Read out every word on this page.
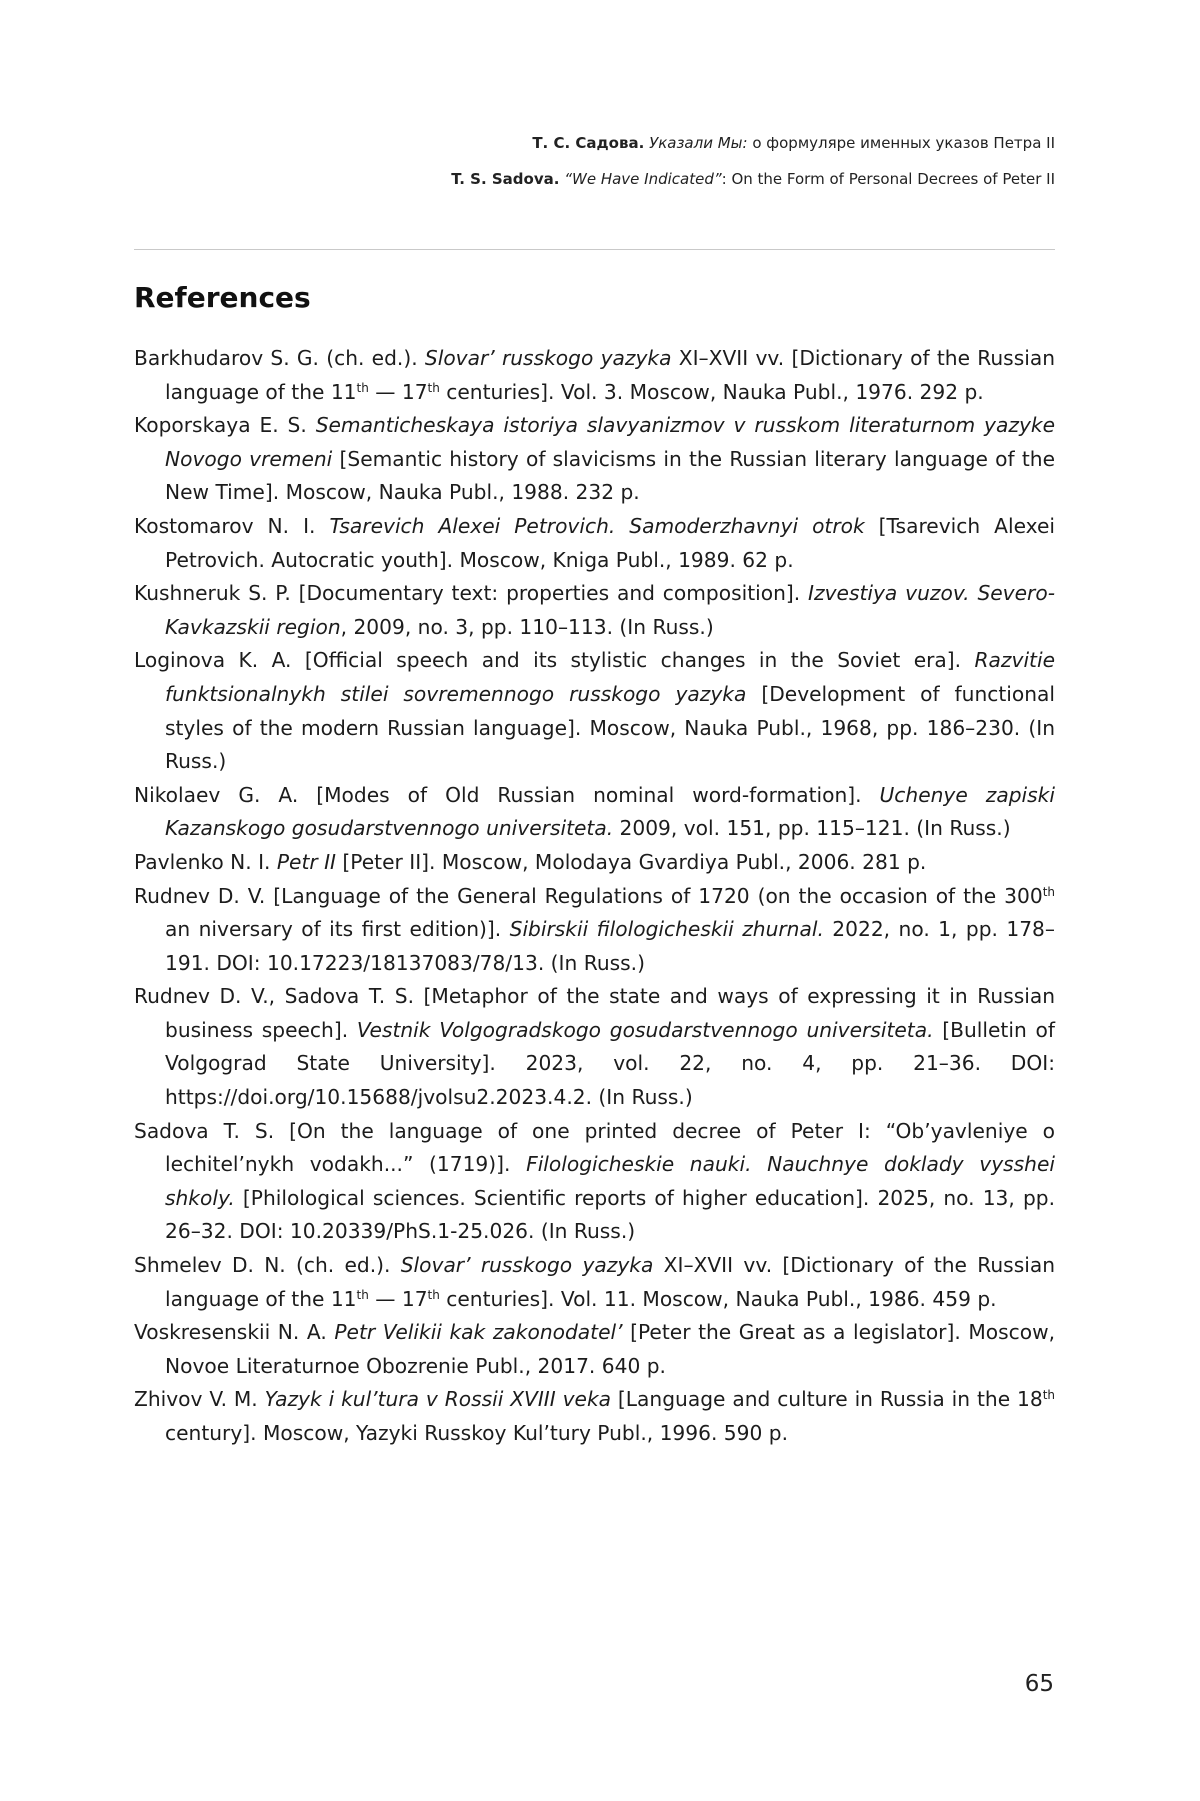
Т. С. Садова. Указали Мы: о формуляре именных указов Петра II
T. S. Sadova. “We Have Indicated”: On the Form of Personal Decrees of Peter II
References

Barkhudarov S. G. (ch. ed.). Slovar’ russkogo yazyka XI–XVII vv. [Dictionary of the Russian language of the 11th — 17th centuries]. Vol. 3. Moscow, Nauka Publ., 1976. 292 p.

Koporskaya E. S. Semanticheskaya istoriya slavyanizmov v russkom literaturnom yazyke Novogo vremeni [Semantic history of slavicisms in the Russian literary language of the New Time]. Moscow, Nauka Publ., 1988. 232 p.

Kostomarov N. I. Tsarevich Alexei Petrovich. Samoderzhavnyi otrok [Tsarevich Alexei Petrovich. Autocratic youth]. Moscow, Kniga Publ., 1989. 62 p.

Kushneruk S. P. [Documentary text: properties and composition]. Izvestiya vuzov. Severo-Kavkazskii region, 2009, no. 3, pp. 110–113. (In Russ.)

Loginova K. A. [Official speech and its stylistic changes in the Soviet era]. Razvitie funktsionalnykh stilei sovremennogo russkogo yazyka [Development of functional styles of the modern Russian language]. Moscow, Nauka Publ., 1968, pp. 186–230. (In Russ.)

Nikolaev G. A. [Modes of Old Russian nominal word-formation]. Uchenye zapiski Kazanskogo gosudarstvennogo universiteta. 2009, vol. 151, pp. 115–121. (In Russ.)

Pavlenko N. I. Petr II [Peter II]. Moscow, Molodaya Gvardiya Publ., 2006. 281 p.

Rudnev D. V. [Language of the General Regulations of 1720 (on the occasion of the 300th an niversary of its first edition)]. Sibirskii filologicheskii zhurnal. 2022, no. 1, pp. 178–191. DOI: 10.17223/18137083/78/13. (In Russ.)

Rudnev D. V., Sadova T. S. [Metaphor of the state and ways of expressing it in Russian business speech]. Vestnik Volgogradskogo gosudarstvennogo universiteta. [Bulletin of Volgograd State University]. 2023, vol. 22, no. 4, pp. 21–36. DOI: https://doi.org/10.15688/jvolsu2.2023.4.2. (In Russ.)

Sadova T. S. [On the language of one printed decree of Peter I: “Ob’yavleniye o lechitel’nykh vodakh...” (1719)]. Filologicheskie nauki. Nauchnye doklady vysshei shkoly. [Philological sciences. Scientific reports of higher education]. 2025, no. 13, pp. 26–32. DOI: 10.20339/PhS.1-25.026. (In Russ.)

Shmelev D. N. (ch. ed.). Slovar’ russkogo yazyka XI–XVII vv. [Dictionary of the Russian language of the 11th — 17th centuries]. Vol. 11. Moscow, Nauka Publ., 1986. 459 p.

Voskresenskii N. A. Petr Velikii kak zakonodatel’ [Peter the Great as a legislator]. Moscow, Novoe Literaturnoe Obozrenie Publ., 2017. 640 p.

Zhivov V. M. Yazyk i kul’tura v Rossii XVIII veka [Language and culture in Russia in the 18th century]. Moscow, Yazyki Russkoy Kul’tury Publ., 1996. 590 p.

65
